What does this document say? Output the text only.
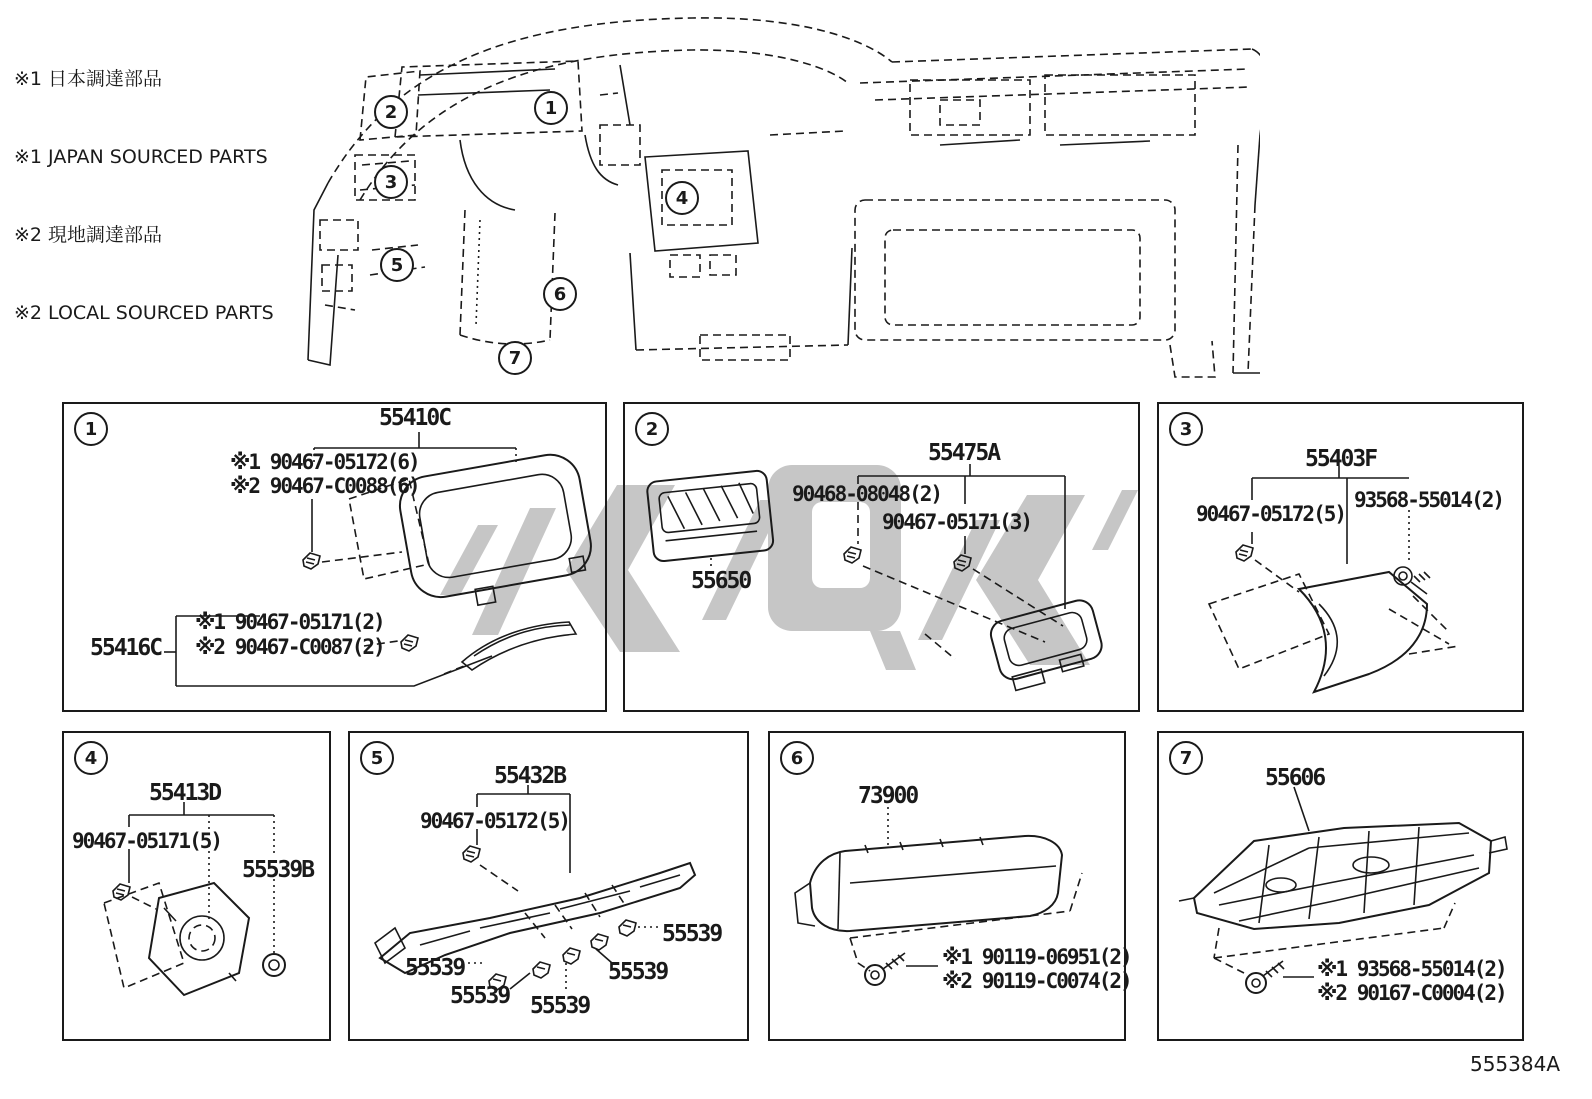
※1 日本調達部品

※1 JAPAN SOURCED PARTS

※2 現地調達部品

※2 LOCAL SOURCED PARTS

1
2
3
4
5
6
7
1	55410C
※1 90467-05172(6)
※2 90467-C0088(6)
※1 90467-05171(2)
※2 90467-C0087(2)
55416C
2
55475A
90468-08048(2)
90467-05171(3)
55650
3
55403F
90467-05172(5)
93568-55014(2)
4
55413D
90467-05171(5)
55539B
5
55432B
90467-05172(5)
55539
55539
55539
55539 55539
6
73900
※1 90119-06951(2)
※2 90119-C0074(2)
7
55606
※1 93568-55014(2)
※2 90167-C0004(2)
555384A
